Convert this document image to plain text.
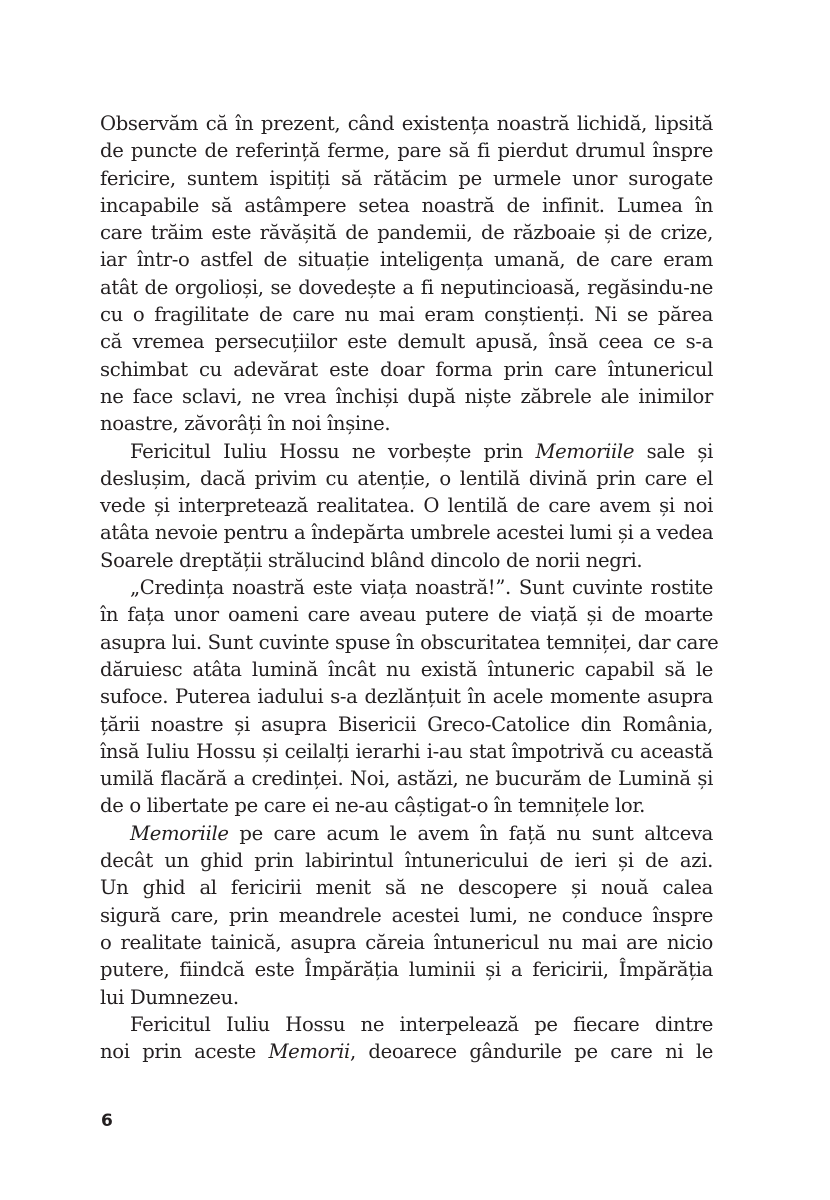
Observăm că în prezent, când existența noastră lichidă, lipsită
de puncte de referință ferme, pare să fi pierdut drumul înspre
fericire, suntem ispitiți să rătăcim pe urmele unor surogate
incapabile să astâmpere setea noastră de infinit. Lumea în
care trăim este răvășită de pandemii, de războaie și de crize,
iar într-o astfel de situație inteligența umană, de care eram
atât de orgolioși, se dovedește a fi neputincioasă, regăsindu-ne
cu o fragilitate de care nu mai eram conștienți. Ni se părea
că vremea persecuțiilor este demult apusă, însă ceea ce s-a
schimbat cu adevărat este doar forma prin care întunericul
ne face sclavi, ne vrea închiși după niște zăbrele ale inimilor
noastre, zăvorâți în noi înșine.
Fericitul Iuliu Hossu ne vorbește prin Memoriile sale și
deslușim, dacă privim cu atenție, o lentilă divină prin care el
vede și interpretează realitatea. O lentilă de care avem și noi
atâta nevoie pentru a îndepărta umbrele acestei lumi și a vedea
Soarele dreptății strălucind blând dincolo de norii negri.
„Credința noastră este viața noastră!”. Sunt cuvinte rostite
în fața unor oameni care aveau putere de viață și de moarte
asupra lui. Sunt cuvinte spuse în obscuritatea temniței, dar care
dăruiesc atâta lumină încât nu există întuneric capabil să le
sufoce. Puterea iadului s-a dezlănțuit în acele momente asupra
țării noastre și asupra Bisericii Greco-Catolice din România,
însă Iuliu Hossu și ceilalți ierarhi i-au stat împotrivă cu această
umilă flacără a credinței. Noi, astăzi, ne bucurăm de Lumină și
de o libertate pe care ei ne-au câștigat-o în temnițele lor.
Memoriile pe care acum le avem în față nu sunt altceva
decât un ghid prin labirintul întunericului de ieri și de azi.
Un ghid al fericirii menit să ne descopere și nouă calea
sigură care, prin meandrele acestei lumi, ne conduce înspre
o realitate tainică, asupra căreia întunericul nu mai are nicio
putere, fiindcă este Împărăția luminii și a fericirii, Împărăția
lui Dumnezeu.
Fericitul Iuliu Hossu ne interpelează pe fiecare dintre
noi prin aceste Memorii, deoarece gândurile pe care ni le
6
